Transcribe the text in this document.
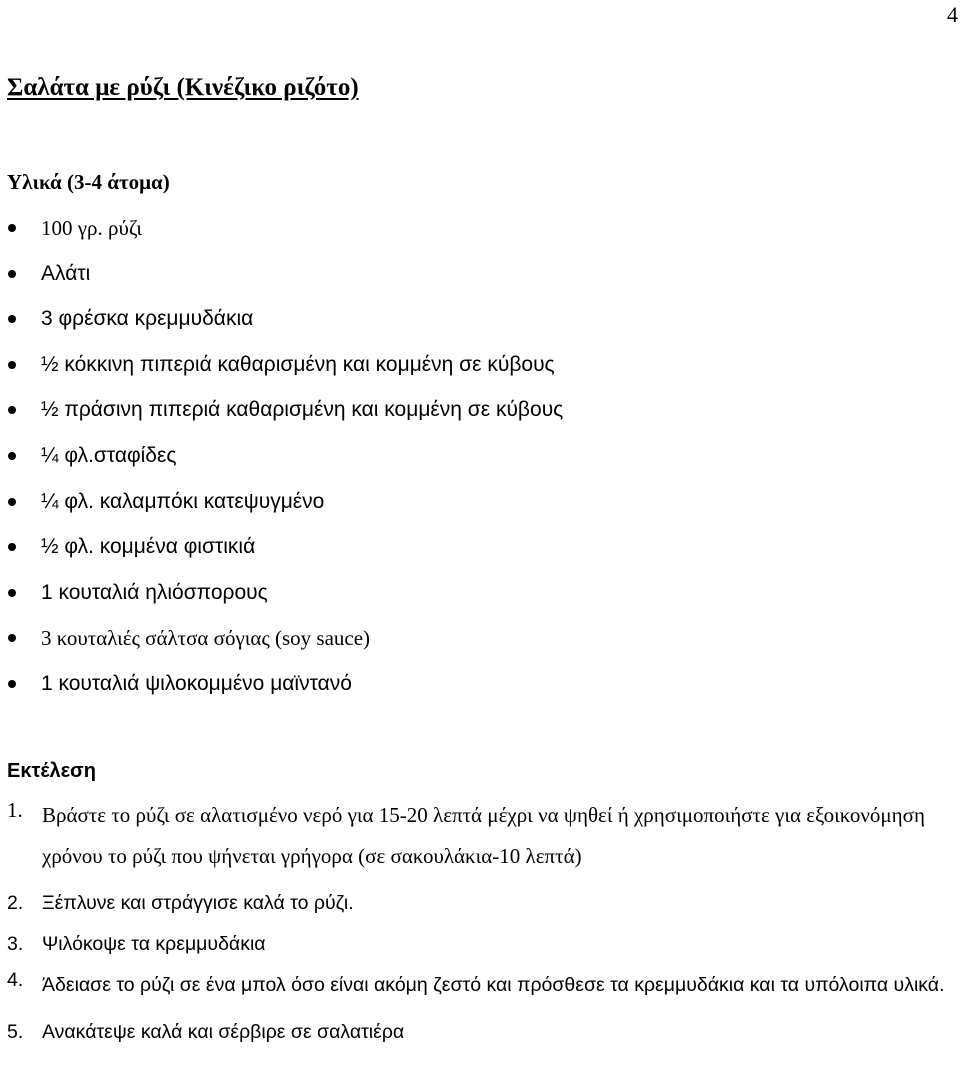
4
Σαλάτα με ρύζι (Κινέζικο ριζότο)
Υλικά (3-4 άτομα)
100 γρ. ρύζι
Αλάτι
3 φρέσκα κρεμμυδάκια
½ κόκκινη πιπεριά καθαρισμένη και κομμένη σε κύβους
½ πράσινη πιπεριά καθαρισμένη και κομμένη σε κύβους
¼ φλ.σταφίδες
¼ φλ. καλαμπόκι κατεψυγμένο
½ φλ. κομμένα φιστικιά
1 κουταλιά ηλιόσπορους
3 κουταλιές σάλτσα σόγιας (soy sauce)
1 κουταλιά ψιλοκομμένο μαϊντανό
Εκτέλεση
1. Βράστε το ρύζι σε αλατισμένο νερό για 15-20 λεπτά μέχρι να ψηθεί ή χρησιμοποιήστε για εξοικονόμηση χρόνου το ρύζι που ψήνεται γρήγορα (σε σακουλάκια-10 λεπτά)
2. Ξέπλυνε και στράγγισε καλά το ρύζι.
3. Ψιλόκοψε τα κρεμμυδάκια
4. Άδειασε το ρύζι σε ένα μπολ όσο είναι ακόμη ζεστό και πρόσθεσε τα κρεμμυδάκια και τα υπόλοιπα υλικά.
5. Ανακάτεψε καλά και σέρβιρε σε σαλατιέρα
